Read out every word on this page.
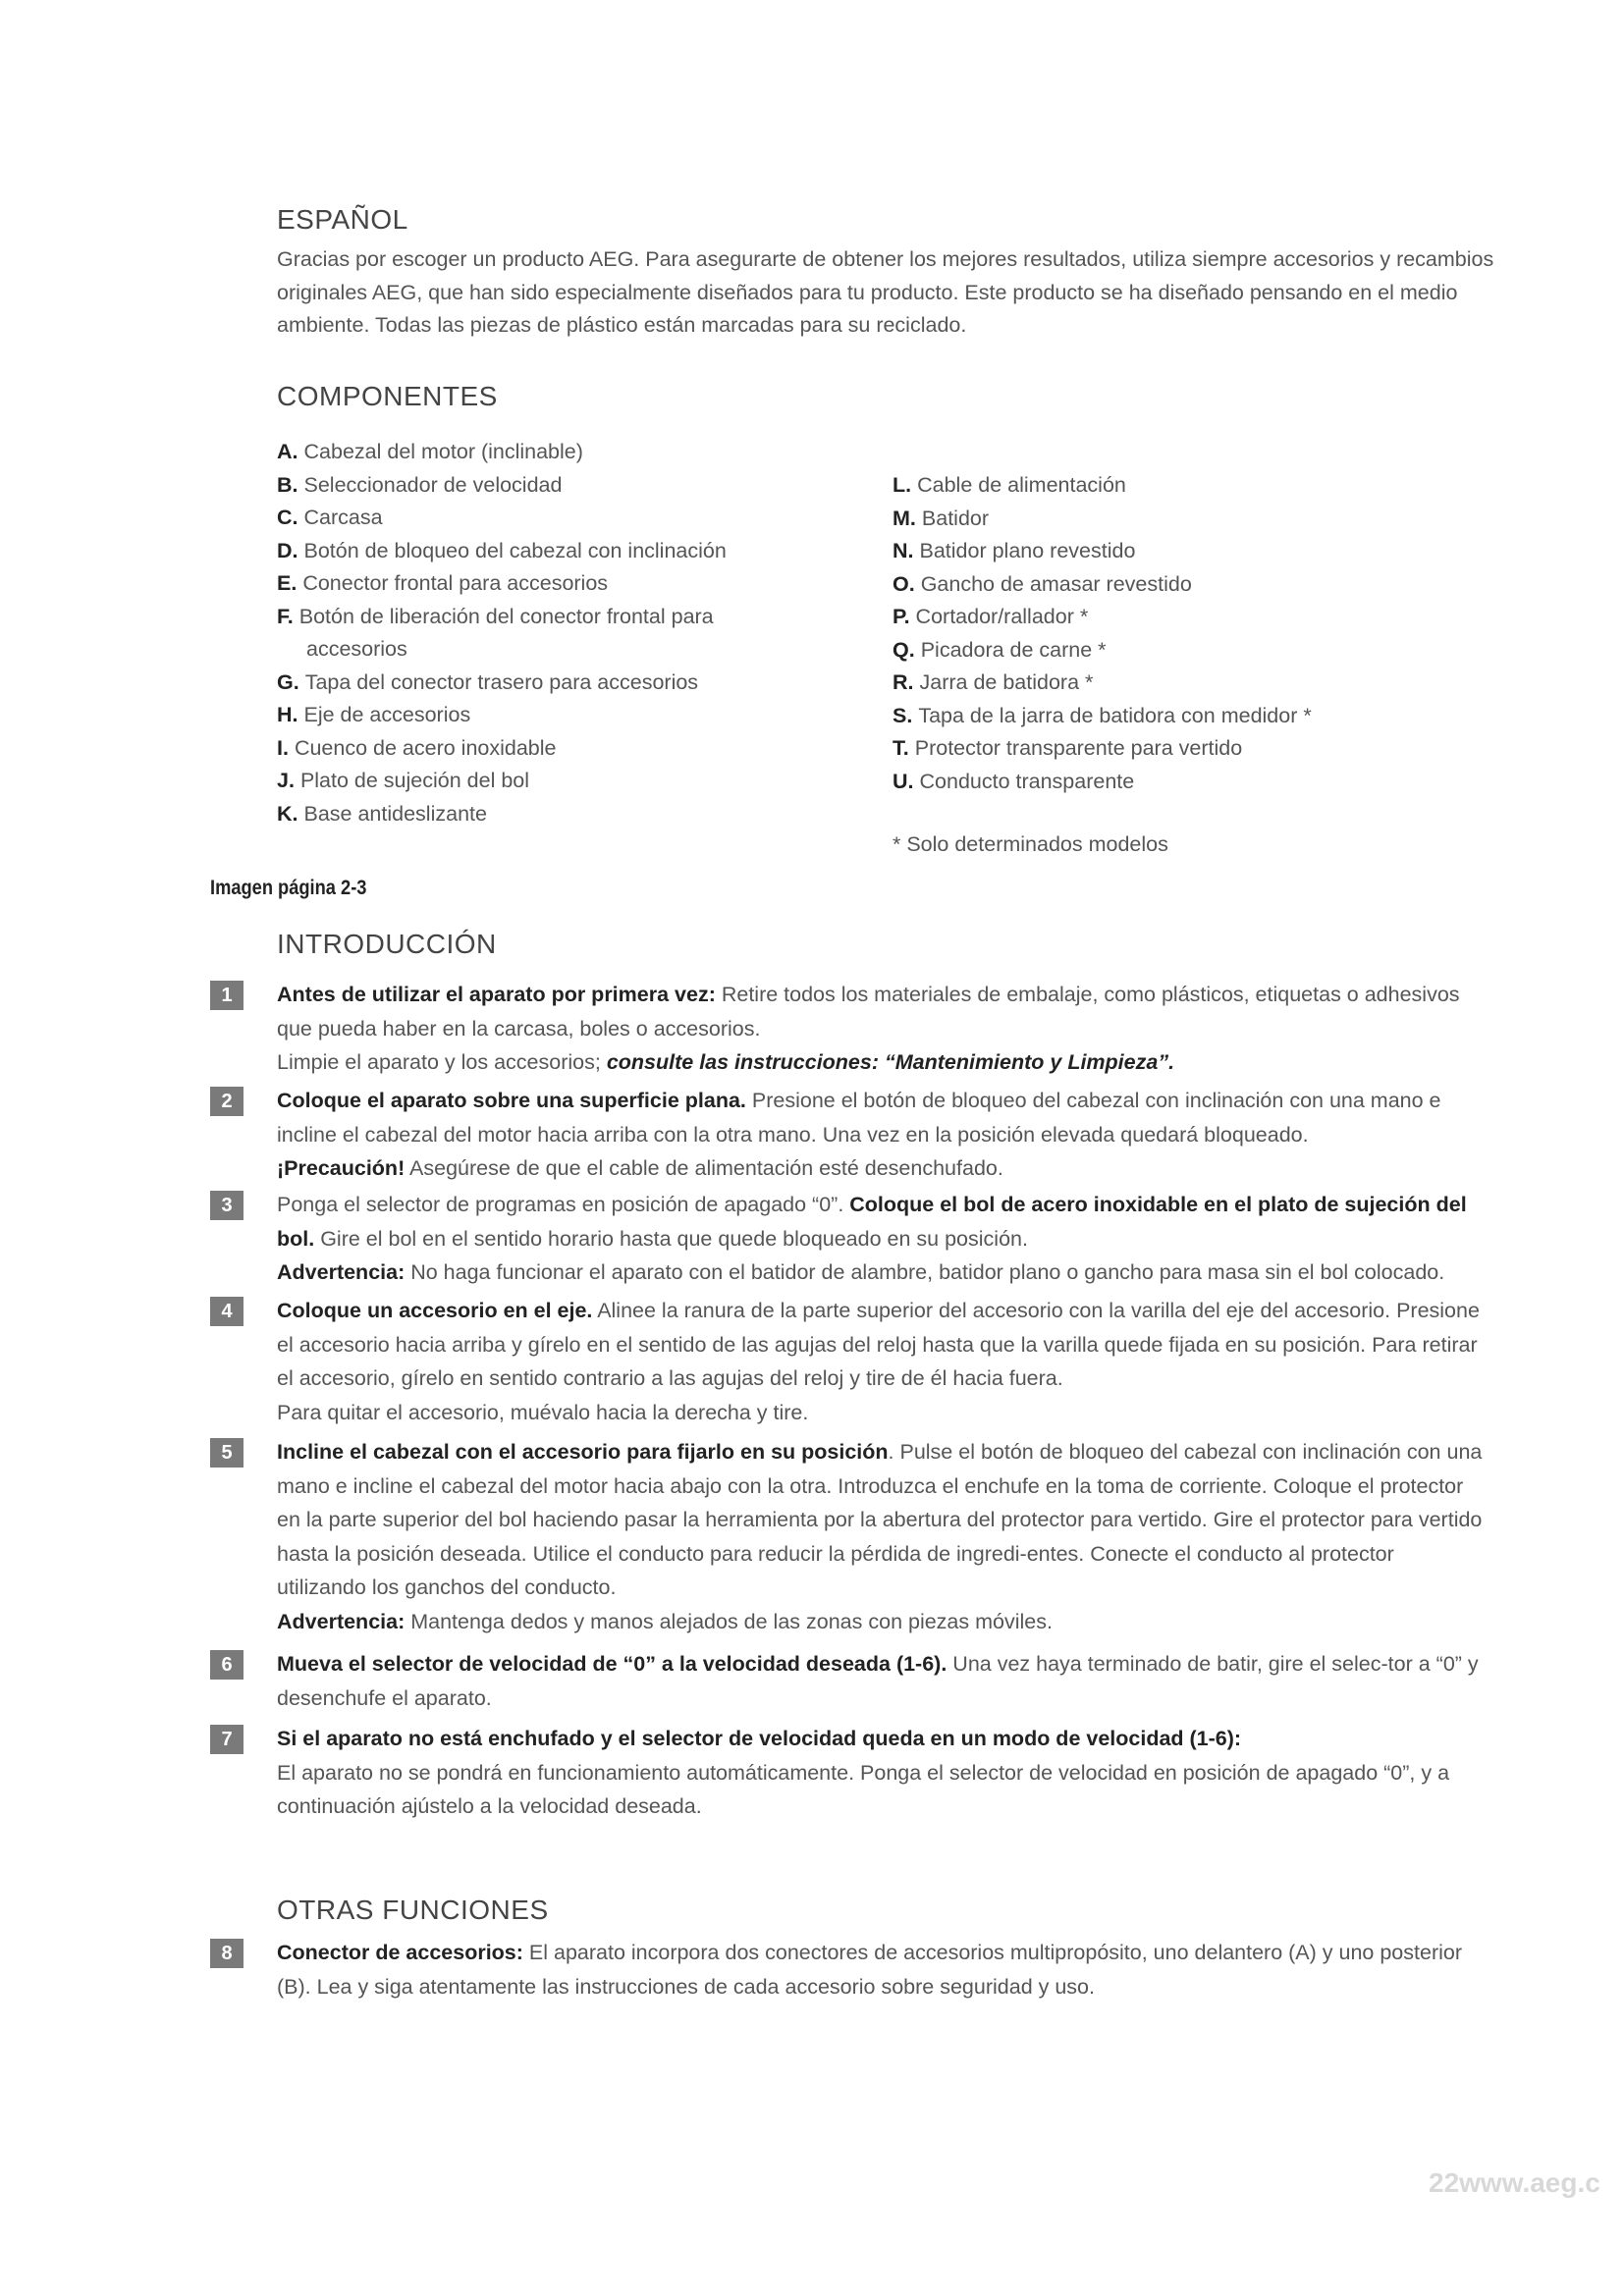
ESPAÑOL

Gracias por escoger un producto AEG. Para asegurarte de obtener los mejores resultados, utiliza siempre accesorios y recambios originales AEG, que han sido especialmente diseñados para tu producto. Este producto se ha diseñado pensando en el medio ambiente. Todas las piezas de plástico están marcadas para su reciclado.

COMPONENTES
A. Cabezal del motor (inclinable)
B. Seleccionador de velocidad
C. Carcasa
D. Botón de bloqueo del cabezal con inclinación
E. Conector frontal para accesorios
F. Botón de liberación del conector frontal para
accesorios
G. Tapa del conector trasero para accesorios
H. Eje de accesorios
I. Cuenco de acero inoxidable
J. Plato de sujeción del bol
K. Base antideslizante
L. Cable de alimentación
M. Batidor
N. Batidor plano revestido
O. Gancho de amasar revestido
P. Cortador/rallador *
Q. Picadora de carne *
R. Jarra de batidora *
S. Tapa de la jarra de batidora con medidor *
T. Protector transparente para vertido
U. Conducto transparente

* Solo determinados modelos

Imagen página 2-3

INTRODUCCIÓN
1	Antes de utilizar el aparato por primera vez: Retire todos los materiales de embalaje, como plásticos, etiquetas o adhesivos que pueda haber en la carcasa, boles o accesorios.
Limpie el aparato y los accesorios; consulte las instrucciones: “Mantenimiento y Limpieza”.

2	Coloque el aparato sobre una superficie plana. Presione el botón de bloqueo del cabezal con inclinación con una mano e incline el cabezal del motor hacia arriba con la otra mano. Una vez en la posición elevada quedará bloqueado.
¡Precaución! Asegúrese de que el cable de alimentación esté desenchufado.

3	Ponga el selector de programas en posición de apagado “0”. Coloque el bol de acero inoxidable en el plato de sujeción del bol. Gire el bol en el sentido horario hasta que quede bloqueado en su posición.
Advertencia: No haga funcionar el aparato con el batidor de alambre, batidor plano o gancho para masa sin el bol colocado.

4	Coloque un accesorio en el eje. Alinee la ranura de la parte superior del accesorio con la varilla del eje del accesorio. Presione el accesorio hacia arriba y gírelo en el sentido de las agujas del reloj hasta que la varilla quede fijada en su posición. Para retirar el accesorio, gírelo en sentido contrario a las agujas del reloj y tire de él hacia fuera.
Para quitar el accesorio, muévalo hacia la derecha y tire.

5	Incline el cabezal con el accesorio para fijarlo en su posición. Pulse el botón de bloqueo del cabezal con inclinación con una mano e incline el cabezal del motor hacia abajo con la otra. Introduzca el enchufe en la toma de corriente. Coloque el protector en la parte superior del bol haciendo pasar la herramienta por la abertura del protector para vertido. Gire el protector para vertido hasta la posición deseada. Utilice el conducto para reducir la pérdida de ingredi-entes. Conecte el conducto al protector utilizando los ganchos del conducto.
Advertencia: Mantenga dedos y manos alejados de las zonas con piezas móviles.

6	Mueva el selector de velocidad de “0” a la velocidad deseada (1-6). Una vez haya terminado de batir, gire el selec-tor a “0” y desenchufe el aparato.

7	Si el aparato no está enchufado y el selector de velocidad queda en un modo de velocidad (1-6):
El aparato no se pondrá en funcionamiento automáticamente. Ponga el selector de velocidad en posición de apagado “0”, y a continuación ajústelo a la velocidad deseada.

OTRAS FUNCIONES
8	Conector de accesorios: El aparato incorpora dos conectores de accesorios multipropósito, uno delantero (A) y uno posterior (B). Lea y siga atentamente las instrucciones de cada accesorio sobre seguridad y uso.

22www.aeg.c
